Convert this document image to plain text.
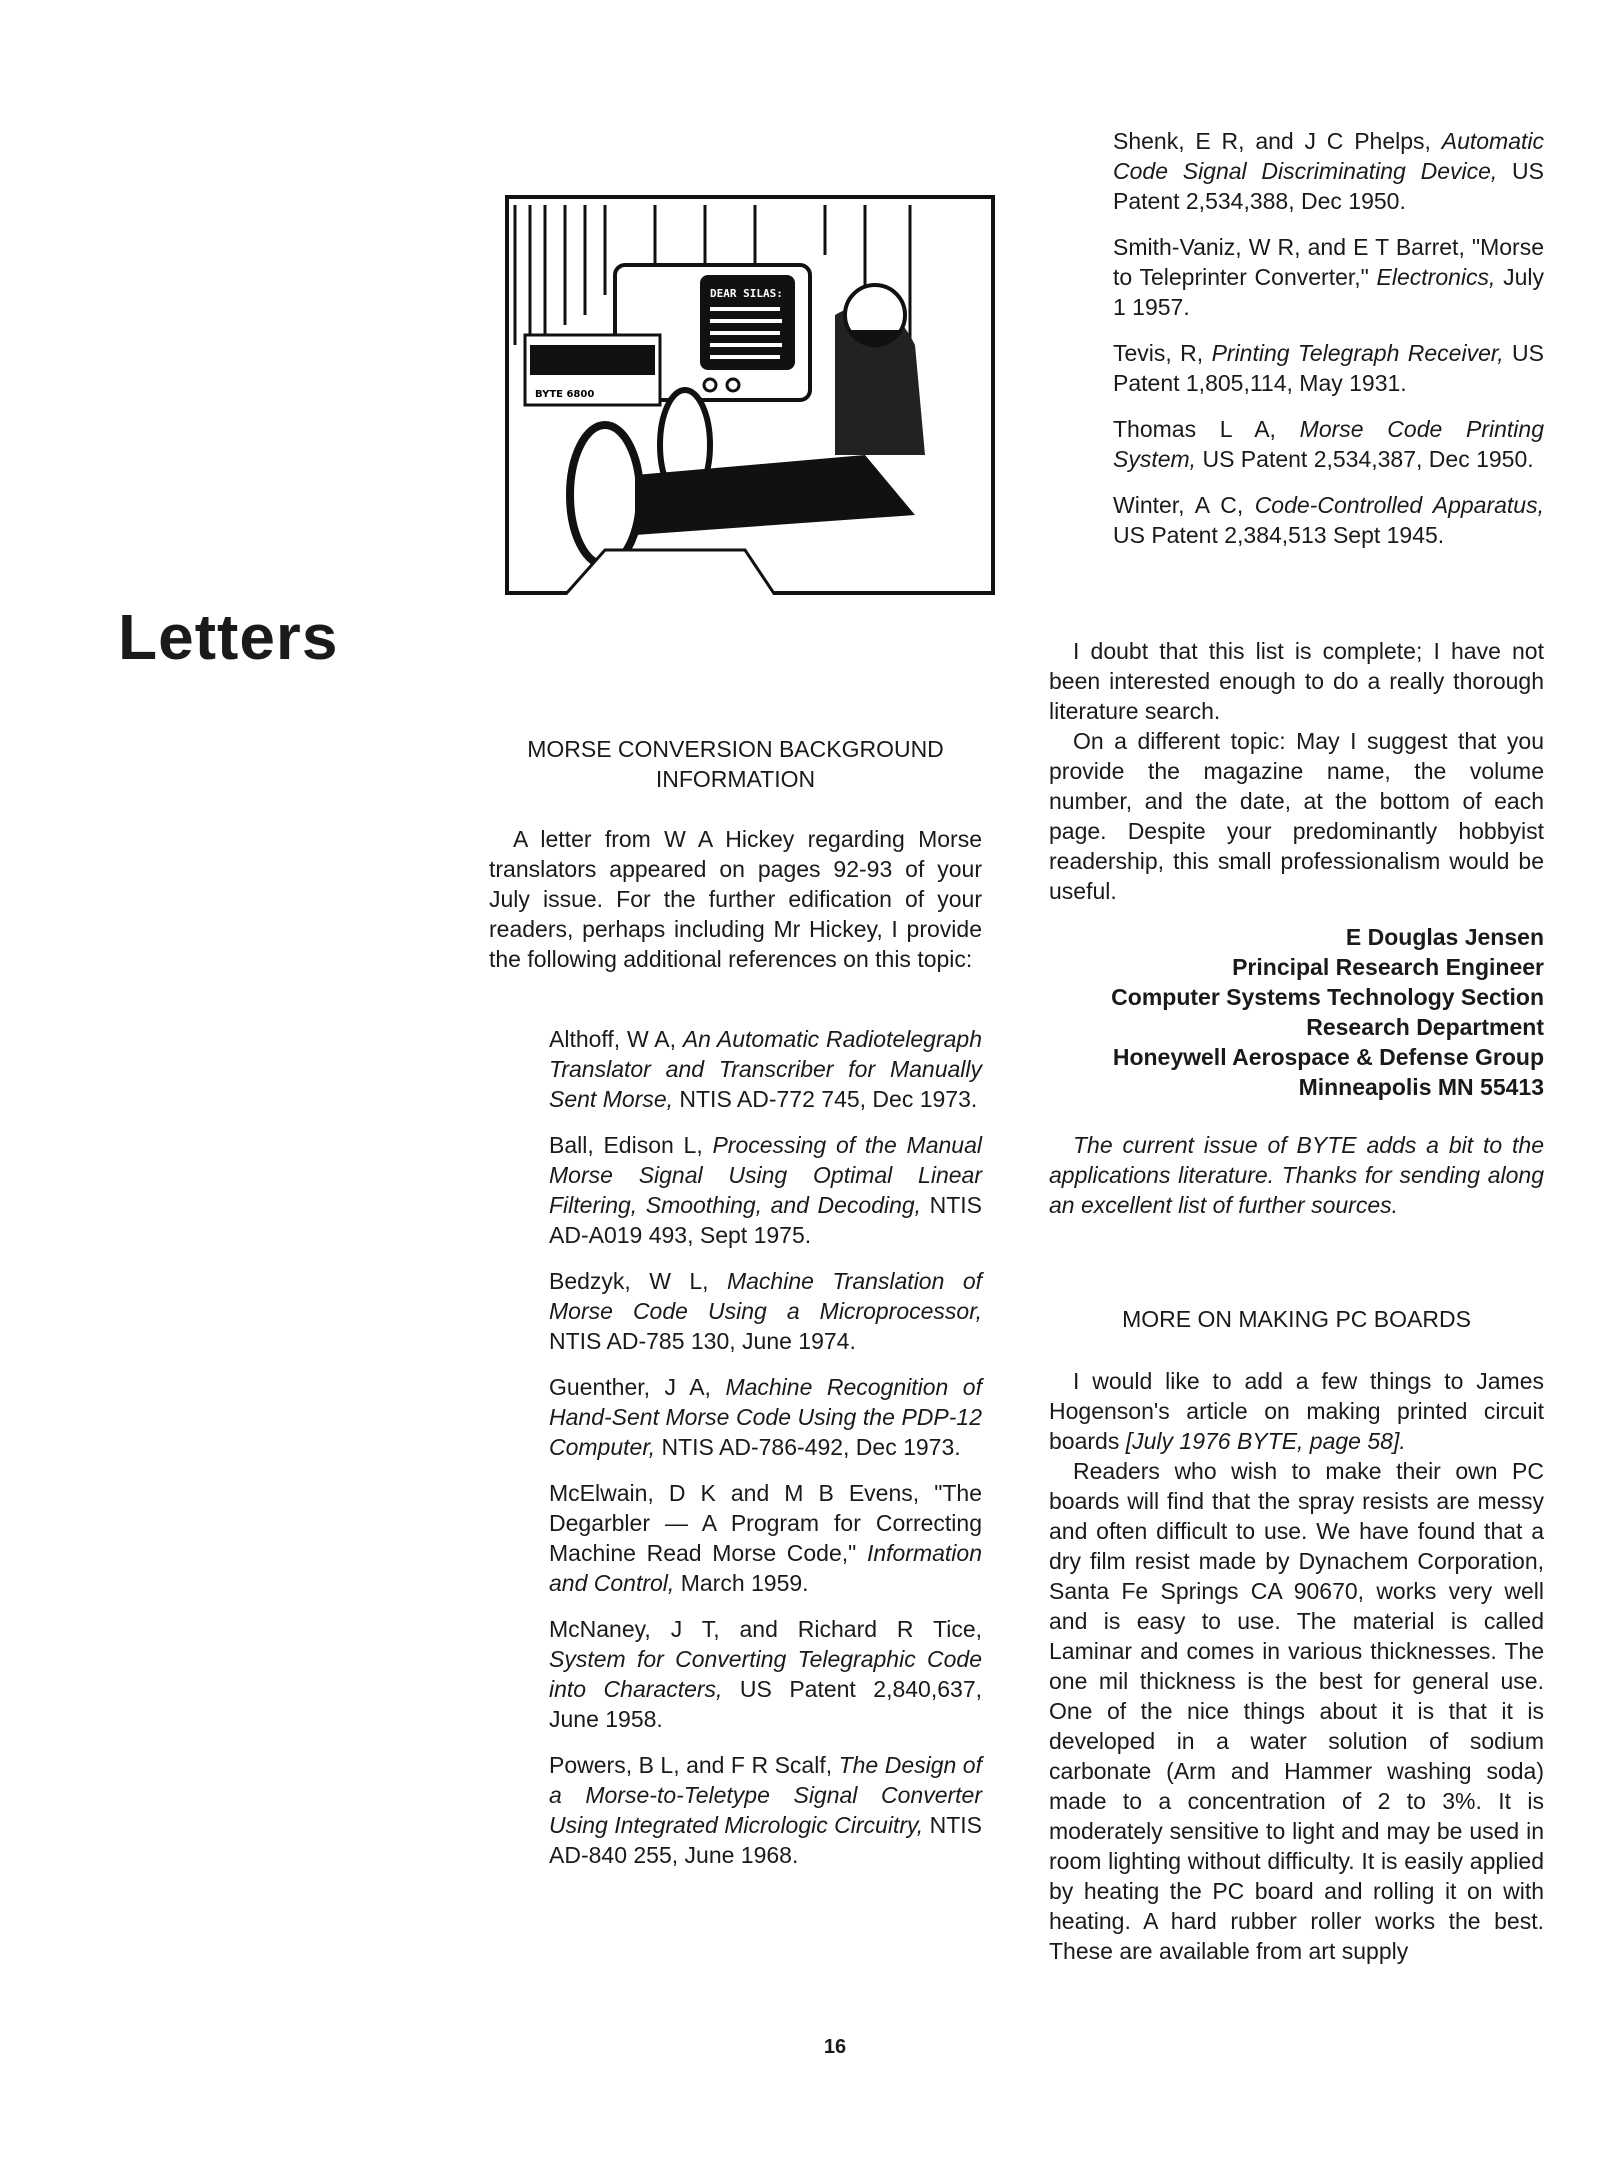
Letters
DEAR SILAS:
BYTE 6800
MORSE CONVERSION BACKGROUND INFORMATION
A letter from W A Hickey regarding Morse translators appeared on pages 92-93 of your July issue. For the further edification of your readers, perhaps including Mr Hickey, I provide the following additional references on this topic:

Althoff, W A, An Automatic Radiotelegraph Translator and Transcriber for Manually Sent Morse, NTIS AD-772 745, Dec 1973.

Ball, Edison L, Processing of the Manual Morse Signal Using Optimal Linear Filtering, Smoothing, and Decoding, NTIS AD-A019 493, Sept 1975.

Bedzyk, W L, Machine Translation of Morse Code Using a Microprocessor, NTIS AD-785 130, June 1974.

Guenther, J A, Machine Recognition of Hand-Sent Morse Code Using the PDP-12 Computer, NTIS AD-786-492, Dec 1973.

McElwain, D K and M B Evens, "The Degarbler — A Program for Correcting Machine Read Morse Code," Information and Control, March 1959.

McNaney, J T, and Richard R Tice, System for Converting Telegraphic Code into Characters, US Patent 2,840,637, June 1958.

Powers, B L, and F R Scalf, The Design of a Morse-to-Teletype Signal Converter Using Integrated Micrologic Circuitry, NTIS AD-840 255, June 1968.

Shenk, E R, and J C Phelps, Automatic Code Signal Discriminating Device, US Patent 2,534,388, Dec 1950.

Smith-Vaniz, W R, and E T Barret, "Morse to Teleprinter Converter," Electronics, July 1 1957.

Tevis, R, Printing Telegraph Receiver, US Patent 1,805,114, May 1931.

Thomas L A, Morse Code Printing System, US Patent 2,534,387, Dec 1950.

Winter, A C, Code-Controlled Apparatus, US Patent 2,384,513 Sept 1945.

I doubt that this list is complete; I have not been interested enough to do a really thorough literature search.

On a different topic: May I suggest that you provide the magazine name, the volume number, and the date, at the bottom of each page. Despite your predominantly hobbyist readership, this small professionalism would be useful.

E Douglas Jensen
Principal Research Engineer
Computer Systems Technology Section
Research Department
Honeywell Aerospace & Defense Group
Minneapolis MN 55413
The current issue of BYTE adds a bit to the applications literature. Thanks for sending along an excellent list of further sources.
MORE ON MAKING PC BOARDS

I would like to add a few things to James Hogenson's article on making printed circuit boards [July 1976 BYTE, page 58].

Readers who wish to make their own PC boards will find that the spray resists are messy and often difficult to use. We have found that a dry film resist made by Dynachem Corporation, Santa Fe Springs CA 90670, works very well and is easy to use. The material is called Laminar and comes in various thicknesses. The one mil thickness is the best for general use. One of the nice things about it is that it is developed in a water solution of sodium carbonate (Arm and Hammer washing soda) made to a concentration of 2 to 3%. It is moderately sensitive to light and may be used in room lighting without difficulty. It is easily applied by heating the PC board and rolling it on with heating. A hard rubber roller works the best. These are available from art supply

16
